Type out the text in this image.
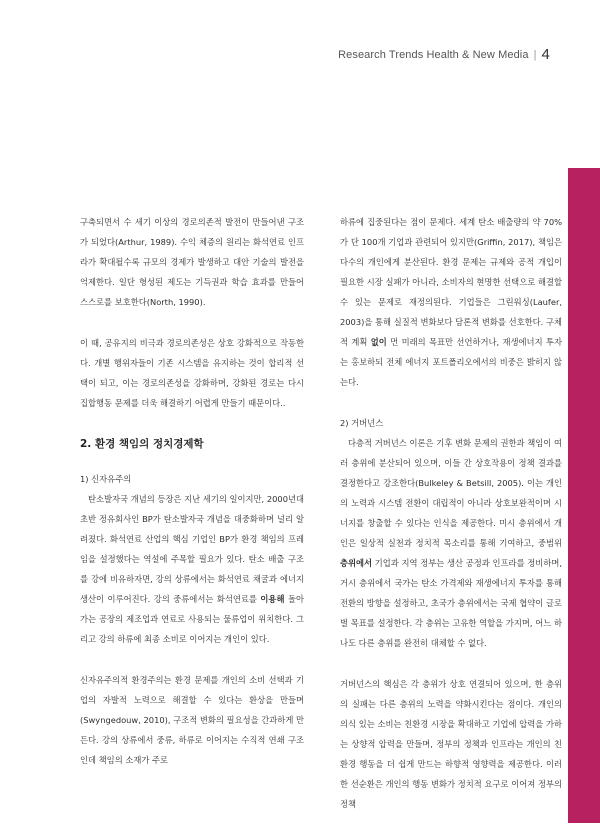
Research Trends Health & New Media | 4

구축되면서 수 세기 이상의 경로의존적 발전이 만들어낸 구조가 되었다(Arthur, 1989). 수익 체증의 원리는 화석연료 인프라가 확대될수록 규모의 경제가 발생하고 대안 기술의 발전을 억제한다. 일단 형성된 제도는 기득권과 학습 효과를 만들어 스스로를 보호한다(North, 1990).

이 때, 공유지의 비극과 경로의존성은 상호 강화적으로 작동한다. 개별 행위자들이 기존 시스템을 유지하는 것이 합리적 선택이 되고, 이는 경로의존성을 강화하며, 강화된 경로는 다시 집합행동 문제를 더욱 해결하기 어렵게 만들기 때문이다..

2. 환경 책임의 정치경제학

1) 신자유주의

탄소발자국 개념의 등장은 지난 세기의 일이지만, 2000년대 초반 정유회사인 BP가 탄소발자국 개념을 대중화하며 널리 알려졌다. 화석연료 산업의 핵심 기업인 BP가 환경 책임의 프레임을 설정했다는 역설에 주목할 필요가 있다. 탄소 배출 구조를 강에 비유하자면, 강의 상류에서는 화석연료 채굴과 에너지 생산이 이루어진다. 강의 중류에서는 화석연료를 이용해 돌아가는 공장의 제조업과 연료로 사용되는 물류업이 위치한다. 그리고 강의 하류에 최종 소비로 이어지는 개인이 있다.

신자유주의적 환경주의는 환경 문제를 개인의 소비 선택과 기업의 자발적 노력으로 해결할 수 있다는 환상을 만들며(Swyngedouw, 2010), 구조적 변화의 필요성을 간과하게 만든다. 강의 상류에서 중류, 하류로 이어지는 수직적 연쇄 구조인데 책임의 소재가 주로

하류에 집중된다는 점이 문제다. 세계 탄소 배출량의 약 70%가 단 100개 기업과 관련되어 있지만(Griffin, 2017), 책임은 다수의 개인에게 분산된다. 환경 문제는 규제와 공적 개입이 필요한 시장 실패가 아니라, 소비자의 현명한 선택으로 해결할 수 있는 문제로 재정의된다. 기업들은 그린워싱(Laufer, 2003)을 통해 실질적 변화보다 담론적 변화를 선호한다. 구체적 계획 없이 먼 미래의 목표만 선언하거나, 재생에너지 투자는 홍보하되 전체 에너지 포트폴리오에서의 비중은 밝히지 않는다.

2) 거버넌스

다층적 거버넌스 이론은 기후 변화 문제의 권한과 책임이 여러 층위에 분산되어 있으며, 이들 간 상호작용이 정책 결과를 결정한다고 강조한다(Bulkeley & Betsill, 2005). 이는 개인의 노력과 시스템 전환이 대립적이 아니라 상호보완적이며 시너지를 창출할 수 있다는 인식을 제공한다. 미시 층위에서 개인은 일상적 실천과 정치적 목소리를 통해 기여하고, 중범위 층위에서 기업과 지역 정부는 생산 공정과 인프라를 정비하며, 거시 층위에서 국가는 탄소 가격제와 재생에너지 투자를 통해 전환의 방향을 설정하고, 초국가 층위에서는 국제 협약이 글로벌 목표를 설정한다. 각 층위는 고유한 역할을 가지며, 어느 하나도 다른 층위를 완전히 대체할 수 없다.

거버넌스의 핵심은 각 층위가 상호 연결되어 있으며, 한 층위의 실패는 다른 층위의 노력을 약화시킨다는 점이다. 개인의 의식 있는 소비는 친환경 시장을 확대하고 기업에 압력을 가하는 상향적 압력을 만들며, 정부의 정책과 인프라는 개인의 친환경 행동을 더 쉽게 만드는 하향적 영향력을 제공한다. 이러한 선순환은 개인의 행동 변화가 정치적 요구로 이어져 정부의 정책
